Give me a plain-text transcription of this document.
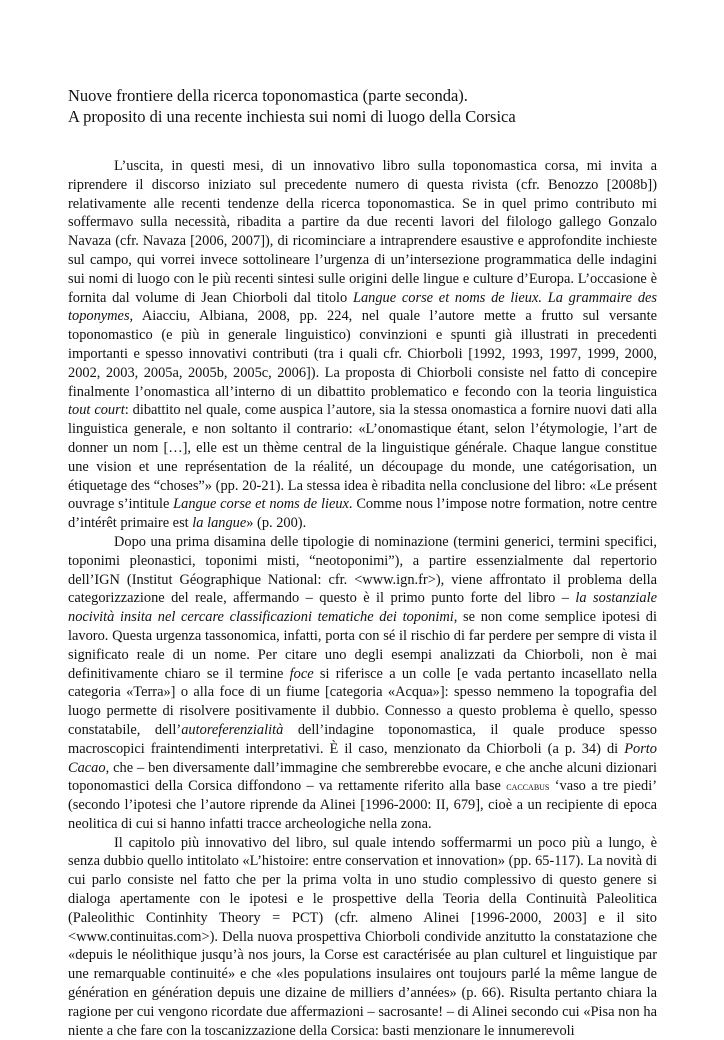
Nuove frontiere della ricerca toponomastica (parte seconda).
A proposito di una recente inchiesta sui nomi di luogo della Corsica

L’uscita, in questi mesi, di un innovativo libro sulla toponomastica corsa, mi invita a riprendere il discorso iniziato sul precedente numero di questa rivista (cfr. Benozzo [2008b]) relativamente alle recenti tendenze della ricerca toponomastica. Se in quel primo contributo mi soffermavo sulla necessità, ribadita a partire da due recenti lavori del filologo gallego Gonzalo Navaza (cfr. Navaza [2006, 2007]), di ricominciare a intraprendere esaustive e approfondite inchieste sul campo, qui vorrei invece sottolineare l’urgenza di un’intersezione programmatica delle indagini sui nomi di luogo con le più recenti sintesi sulle origini delle lingue e culture d’Europa. L’occasione è fornita dal volume di Jean Chiorboli dal titolo Langue corse et noms de lieux. La grammaire des toponymes, Aiacciu, Albiana, 2008, pp. 224, nel quale l’autore mette a frutto sul versante toponomastico (e più in generale linguistico) convinzioni e spunti già illustrati in precedenti importanti e spesso innovativi contributi (tra i quali cfr. Chiorboli [1992, 1993, 1997, 1999, 2000, 2002, 2003, 2005a, 2005b, 2005c, 2006]). La proposta di Chiorboli consiste nel fatto di concepire finalmente l’onomastica all’interno di un dibattito problematico e fecondo con la teoria linguistica tout court: dibattito nel quale, come auspica l’autore, sia la stessa onomastica a fornire nuovi dati alla linguistica generale, e non soltanto il contrario: «L’onomastique étant, selon l’étymologie, l’art de donner un nom […], elle est un thème central de la linguistique générale. Chaque langue constitue une vision et une représentation de la réalité, un découpage du monde, une catégorisation, un étiquetage des “choses”» (pp. 20-21). La stessa idea è ribadita nella conclusione del libro: «Le présent ouvrage s’intitule Langue corse et noms de lieux. Comme nous l’impose notre formation, notre centre d’intérêt primaire est la langue» (p. 200).

Dopo una prima disamina delle tipologie di nominazione (termini generici, termini specifici, toponimi pleonastici, toponimi misti, “neotoponimi”), a partire essenzialmente dal repertorio dell’IGN (Institut Géographique National: cfr. <www.ign.fr>), viene affrontato il problema della categorizzazione del reale, affermando – questo è il primo punto forte del libro – la sostanziale nocività insita nel cercare classificazioni tematiche dei toponimi, se non come semplice ipotesi di lavoro. Questa urgenza tassonomica, infatti, porta con sé il rischio di far perdere per sempre di vista il significato reale di un nome. Per citare uno degli esempi analizzati da Chiorboli, non è mai definitivamente chiaro se il termine foce si riferisce a un colle [e vada pertanto incasellato nella categoria «Terra»] o alla foce di un fiume [categoria «Acqua»]: spesso nemmeno la topografia del luogo permette di risolvere positivamente il dubbio. Connesso a questo problema è quello, spesso constatabile, dell’autoreferenzialità dell’indagine toponomastica, il quale produce spesso macroscopici fraintendimenti interpretativi. È il caso, menzionato da Chiorboli (a p. 34) di Porto Cacao, che – ben diversamente dall’immagine che sembrerebbe evocare, e che anche alcuni dizionari toponomastici della Corsica diffondono – va rettamente riferito alla base caccabus ‘vaso a tre piedi’ (secondo l’ipotesi che l’autore riprende da Alinei [1996-2000: II, 679], cioè a un recipiente di epoca neolitica di cui si hanno infatti tracce archeologiche nella zona.

Il capitolo più innovativo del libro, sul quale intendo soffermarmi un poco più a lungo, è senza dubbio quello intitolato «L’histoire: entre conservation et innovation» (pp. 65-117). La novità di cui parlo consiste nel fatto che per la prima volta in uno studio complessivo di questo genere si dialoga apertamente con le ipotesi e le prospettive della Teoria della Continuità Paleolitica (Paleolithic Continhity Theory = PCT) (cfr. almeno Alinei [1996-2000, 2003] e il sito <www.continuitas.com>). Della nuova prospettiva Chiorboli condivide anzitutto la constatazione che «depuis le néolithique jusqu’à nos jours, la Corse est caractérisée au plan culturel et linguistique par une remarquable continuité» e che «les populations insulaires ont toujours parlé la même langue de génération en génération depuis une dizaine de milliers d’années» (p. 66). Risulta pertanto chiara la ragione per cui vengono ricordate due affermazioni – sacrosante! – di Alinei secondo cui «Pisa non ha niente a che fare con la toscanizzazione della Corsica: basti menzionare le innumerevoli
